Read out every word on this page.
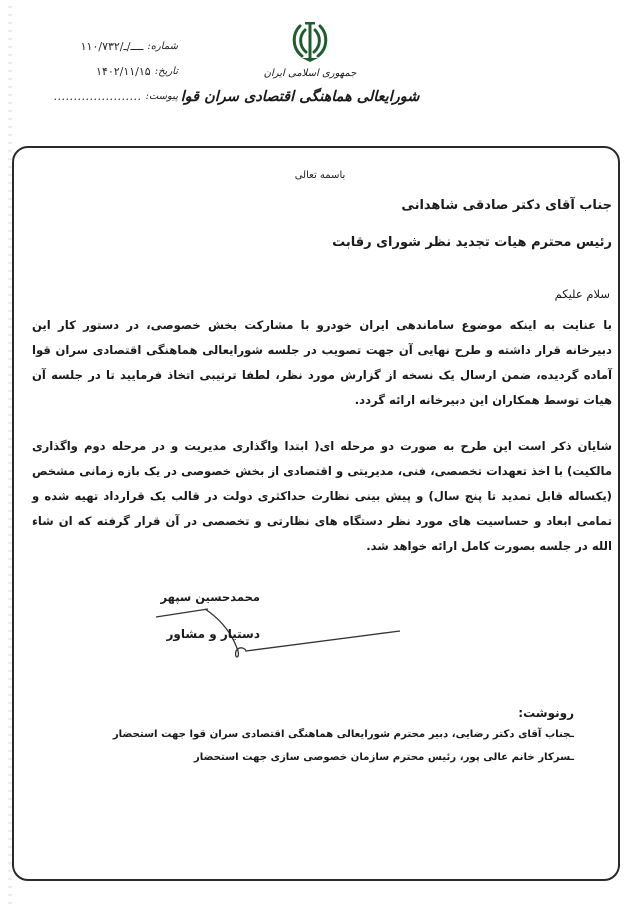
شماره:
۱۱۰/۷۳۲/ــــ/ـ
تاریخ:
۱۴۰۲/۱۱/۱۵
پیوست:
......................
جمهوری اسلامی ایران
شورایعالی هماهنگی اقتصادی سران قوا
باسمه تعالی
جناب آقای دکتر صادقی شاهدانی
رئیس محترم هیات تجدید نظر شورای رقابت
سلام علیکم
با عنایت به اینکه موضوع ساماندهی ایران خودرو با مشارکت بخش خصوصی، در دستور کار این دبیرخانه قرار داشته و طرح نهایی آن جهت تصویب در جلسه شورایعالی هماهنگی اقتصادی سران قوا آماده گردیده، ضمن ارسال یک نسخه از گزارش مورد نظر، لطفا ترتیبی اتخاذ فرمایید تا در جلسه آن هیات توسط همکاران این دبیرخانه ارائه گردد.
شایان ذکر است این طرح به صورت دو مرحله ای( ابتدا واگذاری مدیریت و در مرحله دوم واگذاری مالکیت) با اخذ تعهدات تخصصی، فنی، مدیریتی و اقتصادی از بخش خصوصی در یک بازه زمانی مشخص (یکساله قابل تمدید تا پنج سال) و پیش بینی نظارت حداکثری دولت در قالب یک قرارداد تهیه شده و تمامی ابعاد و حساسیت های مورد نظر دستگاه های نظارتی و تخصصی در آن قرار گرفته که ان شاء الله در جلسه بصورت کامل ارائه خواهد شد.
محمدحسین سپهر
دستیار و مشاور
رونوشت:
ـجناب آقای دکتر رضایی، دبیر محترم شورایعالی هماهنگی اقتصادی سران قوا جهت استحضار
ـسرکار خانم عالی پور، رئیس محترم سازمان خصوصی سازی جهت استحضار
